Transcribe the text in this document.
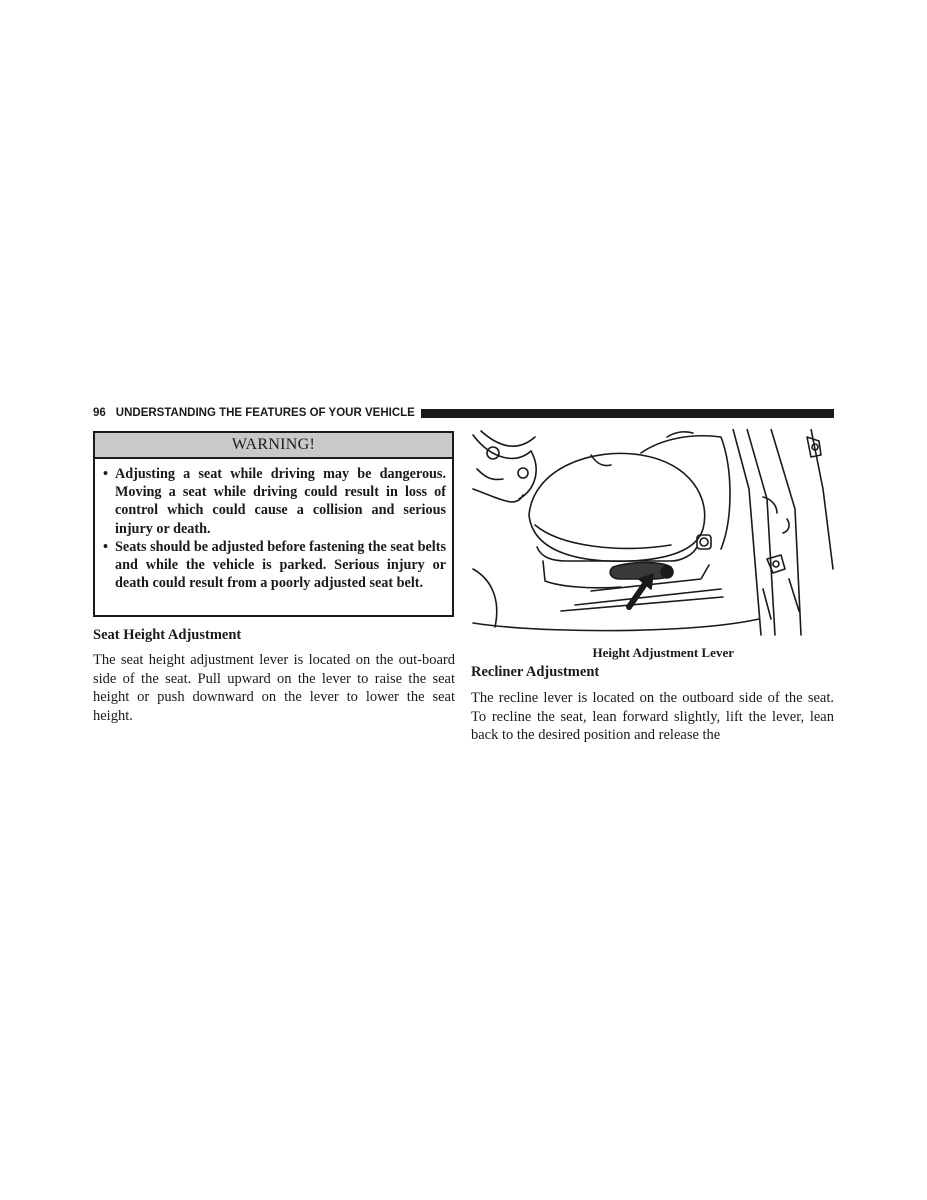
96 UNDERSTANDING THE FEATURES OF YOUR VEHICLE
WARNING!
• Adjusting a seat while driving may be dangerous. Moving a seat while driving could result in loss of control which could cause a collision and serious injury or death.
• Seats should be adjusted before fastening the seat belts and while the vehicle is parked. Serious injury or death could result from a poorly adjusted seat belt.
Seat Height Adjustment
The seat height adjustment lever is located on the out-board side of the seat. Pull upward on the lever to raise the seat height or push downward on the lever to lower the seat height.
Height Adjustment Lever
Recliner Adjustment
The recline lever is located on the outboard side of the seat. To recline the seat, lean forward slightly, lift the lever, lean back to the desired position and release the
